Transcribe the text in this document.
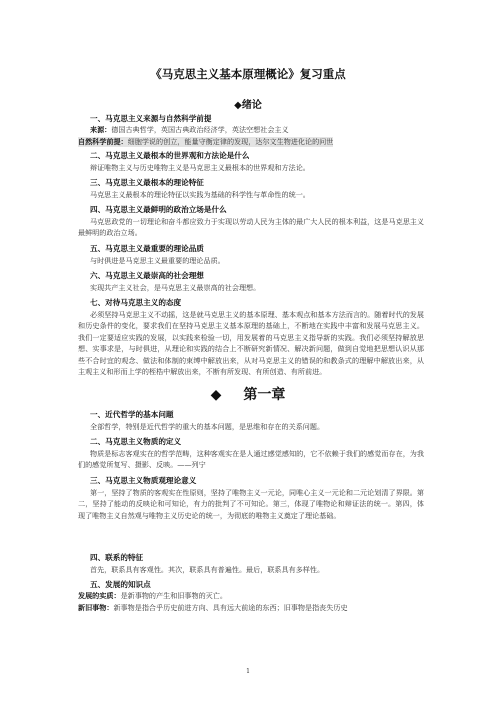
《马克思主义基本原理概论》复习重点
◆绪论
一、马克思主义来源与自然科学前提
来源：德国古典哲学，英国古典政治经济学，英法空想社会主义
自然科学前提：细胞学说的创立，能量守衡定律的发现，达尔文生物进化论的问世
二、马克思主义最根本的世界观和方法论是什么
辩证唯物主义与历史唯物主义是马克思主义最根本的世界观和方法论。
三、马克思主义最根本的理论特征
马克思主义最根本的理论特征以实践为基础的科学性与革命性的统一。
四、马克思主义最鲜明的政治立场是什么
马克思政党的一切理论和奋斗都应致力于实现以劳动人民为主体的最广大人民的根本利益，这是马克思主义最鲜明的政治立场。
五、马克思主义最重要的理论品质
与时俱进是马克思主义最重要的理论品质。
六、马克思主义最崇高的社会理想
实现共产主义社会，是马克思主义最崇高的社会理想。
七、对待马克思主义的态度
必须坚持马克思主义不动摇，这是就马克思主义的基本原理、基本观点和基本方法而言的。随着时代的发展和历史条件的变化，要求我们在坚持马克思主义基本原理的基础上，不断地在实践中丰富和发展马克思主义。我们一定要适应实践的发展，以实践来检验一切，用发展着的马克思主义指导新的实践。我们必须坚持解放思想、实事求是，与时俱进，从理论和实践的结合上不断研究新情况、解决新问题，做到自觉地把思想认识从那些不合时宜的观念、做法和体制的束缚中解放出来，从对马克思主义的错误的和教条式的理解中解放出来，从主观主义和形而上学的桎梏中解放出来，不断有所发现、有所创造、有所前进。
◆ 第一章
一、近代哲学的基本问题
全部哲学，特别是近代哲学的重大的基本问题，是思维和存在的关系问题。
二、马克思主义物质的定义
物质是标志客观实在的哲学范畴，这种客观实在是人通过感觉感知的，它不依赖于我们的感觉而存在，为我们的感觉所复写、摄影、反映。——列宁
三、马克思主义物质观理论意义
第一，坚持了物质的客观实在性原则，坚持了唯物主义一元论，同唯心主义一元论和二元论划清了界限。第二，坚持了能动的反映论和可知论，有力的批判了不可知论。第三，体现了唯物论和辩证法的统一。第四，体现了唯物主义自然观与唯物主义历史论的统一，为彻底的唯物主义奠定了理论基础。
四、联系的特征
首先，联系具有客观性。其次，联系具有普遍性。最后，联系具有多样性。
五、发展的知识点
发展的实质：是新事物的产生和旧事物的灭亡。
新旧事物：新事物是指合乎历史前进方向、具有远大前途的东西；旧事物是指丧失历史
1
